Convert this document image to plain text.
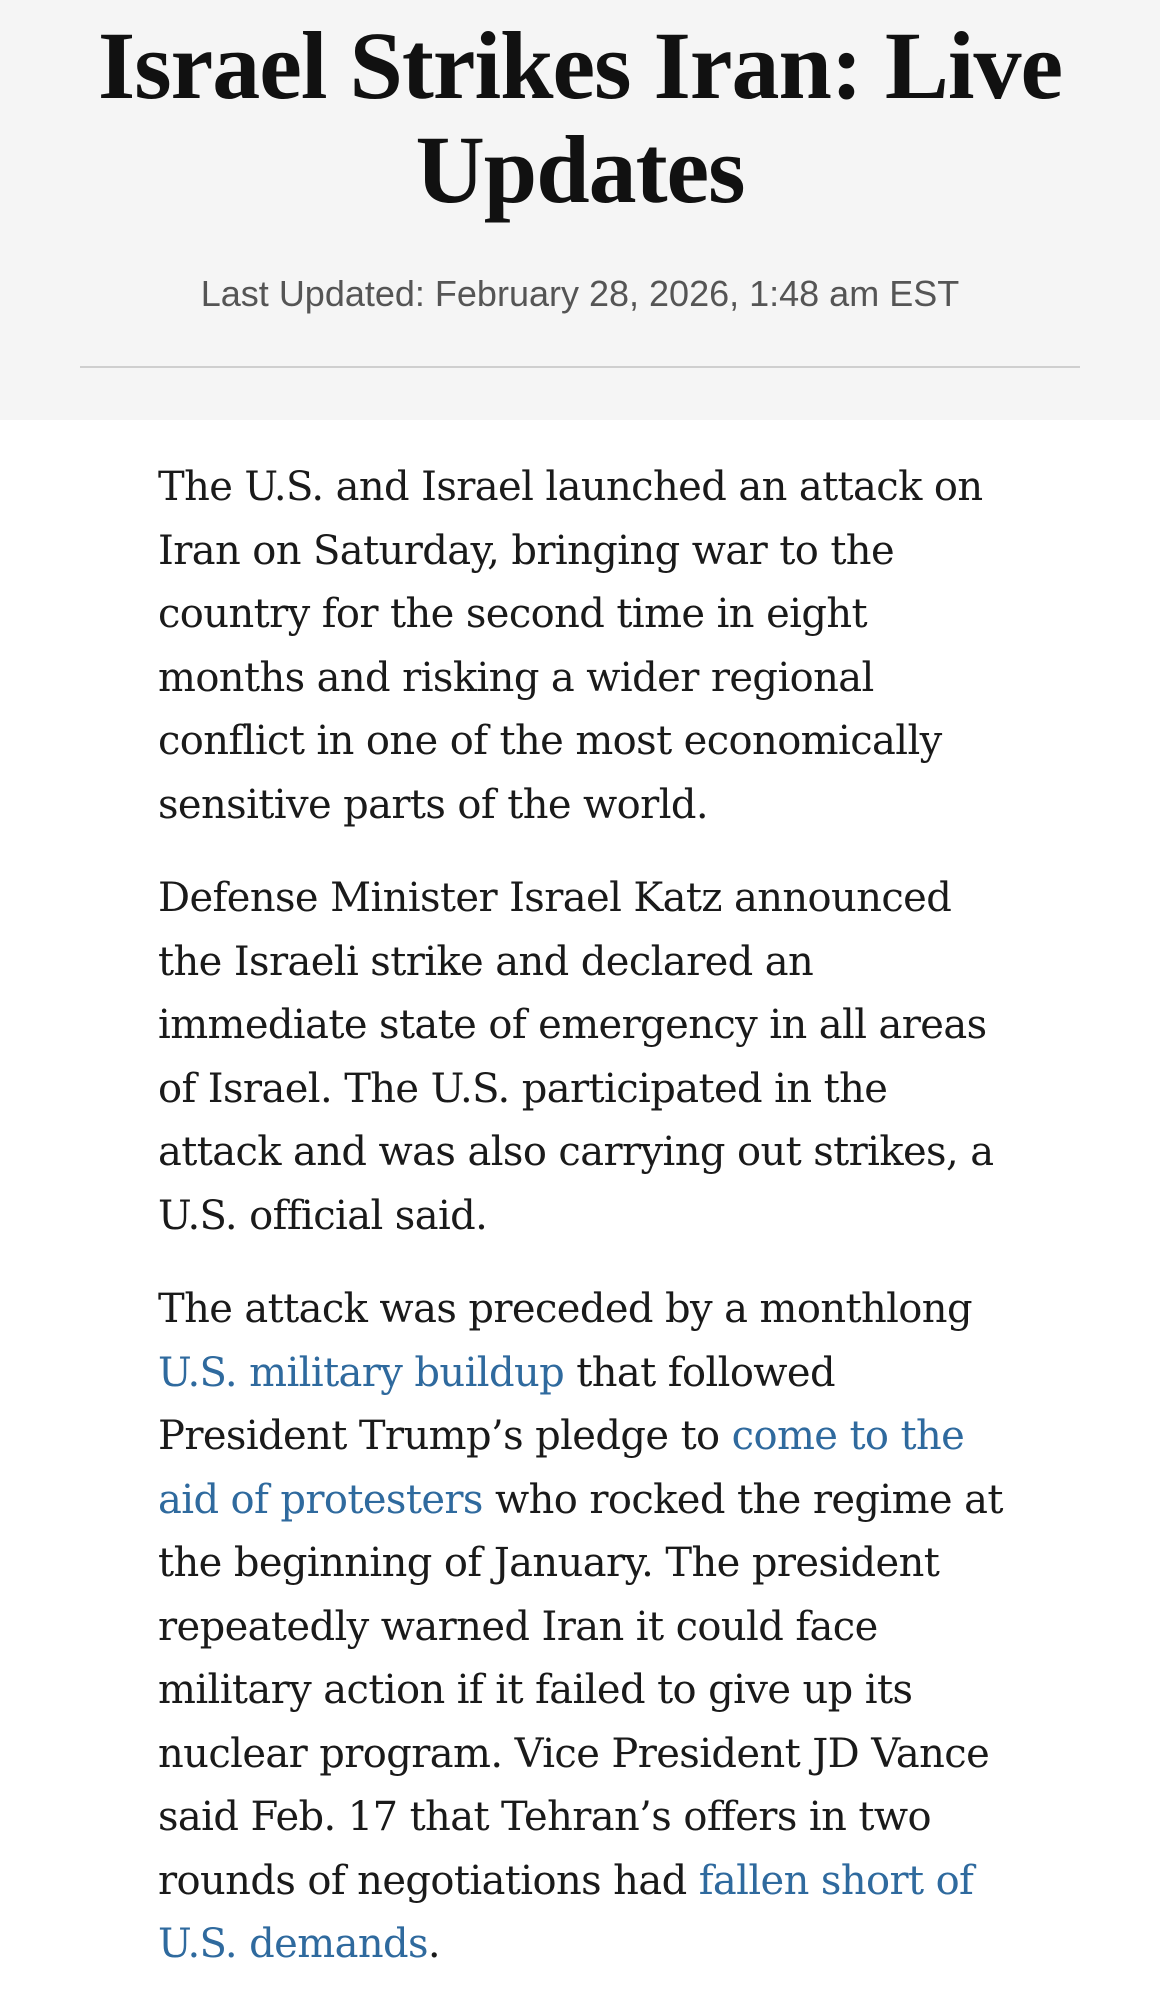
Israel Strikes Iran: Live Updates
Last Updated: February 28, 2026, 1:48 am EST

The U.S. and Israel launched an attack on Iran on Saturday, bringing war to the country for the second time in eight months and risking a wider regional conflict in one of the most economically sensitive parts of the world.

Defense Minister Israel Katz announced the Israeli strike and declared an immediate state of emergency in all areas of Israel. The U.S. participated in the attack and was also carrying out strikes, a U.S. official said.

The attack was preceded by a monthlong U.S. military buildup that followed President Trump’s pledge to come to the aid of protesters who rocked the regime at the beginning of January. The president repeatedly warned Iran it could face military action if it failed to give up its nuclear program. Vice President JD Vance said Feb. 17 that Tehran’s offers in two rounds of negotiations had fallen short of U.S. demands.
